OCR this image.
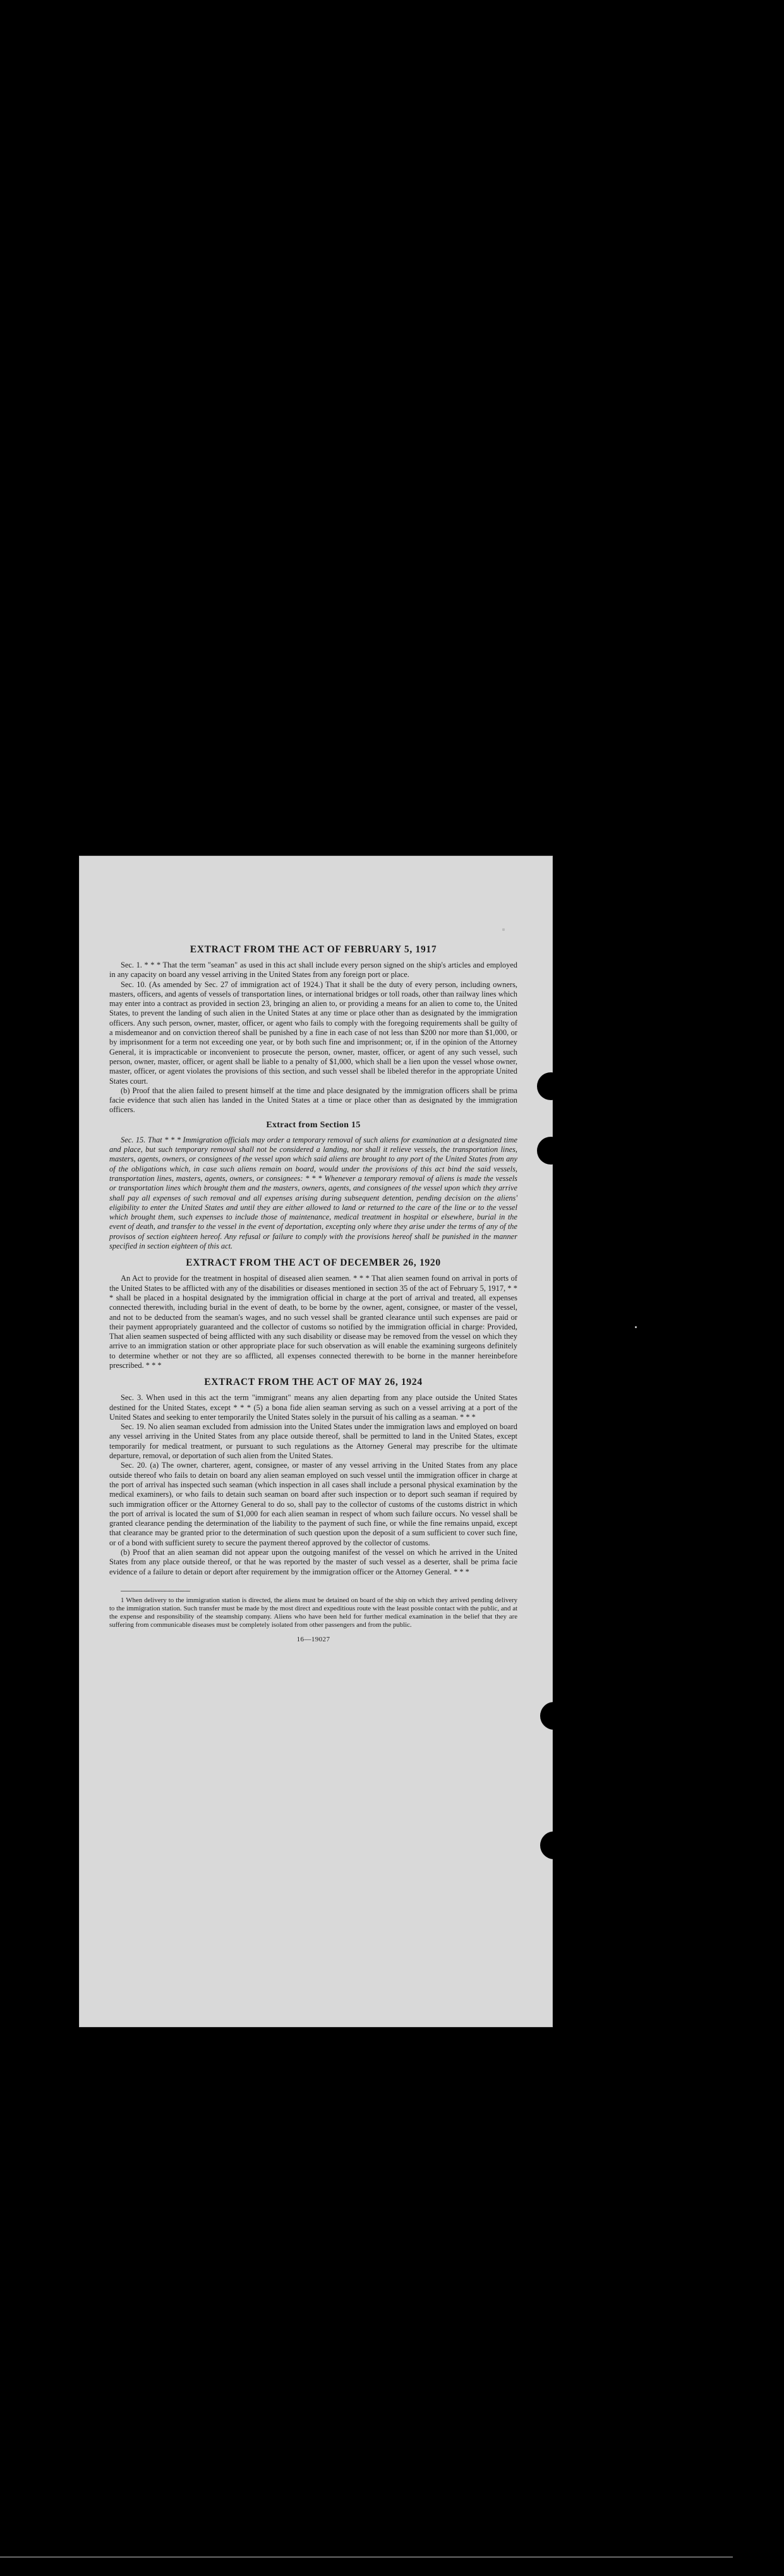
EXTRACT FROM THE ACT OF FEBRUARY 5, 1917

Sec. 1. * * * That the term "seaman" as used in this act shall include every person signed on the ship's articles and employed in any capacity on board any vessel arriving in the United States from any foreign port or place.

Sec. 10. (As amended by Sec. 27 of immigration act of 1924.) That it shall be the duty of every person, including owners, masters, officers, and agents of vessels of transportation lines, or international bridges or toll roads, other than railway lines which may enter into a contract as provided in section 23, bringing an alien to, or providing a means for an alien to come to, the United States, to prevent the landing of such alien in the United States at any time or place other than as designated by the immigration officers. Any such person, owner, master, officer, or agent who fails to comply with the foregoing requirements shall be guilty of a misdemeanor and on conviction thereof shall be punished by a fine in each case of not less than $200 nor more than $1,000, or by imprisonment for a term not exceeding one year, or by both such fine and imprisonment; or, if in the opinion of the Attorney General, it is impracticable or inconvenient to prosecute the person, owner, master, officer, or agent of any such vessel, such person, owner, master, officer, or agent shall be liable to a penalty of $1,000, which shall be a lien upon the vessel whose owner, master, officer, or agent violates the provisions of this section, and such vessel shall be libeled therefor in the appropriate United States court.

(b) Proof that the alien failed to present himself at the time and place designated by the immigration officers shall be prima facie evidence that such alien has landed in the United States at a time or place other than as designated by the immigration officers.

Extract from Section 15

Sec. 15. That * * * Immigration officials may order a temporary removal of such aliens for examination at a designated time and place, but such temporary removal shall not be considered a landing, nor shall it relieve vessels, the transportation lines, masters, agents, owners, or consignees of the vessel upon which said aliens are brought to any port of the United States from any of the obligations which, in case such aliens remain on board, would under the provisions of this act bind the said vessels, transportation lines, masters, agents, owners, or consignees: * * * Whenever a temporary removal of aliens is made the vessels or transportation lines which brought them and the masters, owners, agents, and consignees of the vessel upon which they arrive shall pay all expenses of such removal and all expenses arising during subsequent detention, pending decision on the aliens' eligibility to enter the United States and until they are either allowed to land or returned to the care of the line or to the vessel which brought them, such expenses to include those of maintenance, medical treatment in hospital or elsewhere, burial in the event of death, and transfer to the vessel in the event of deportation, excepting only where they arise under the terms of any of the provisos of section eighteen hereof. Any refusal or failure to comply with the provisions hereof shall be punished in the manner specified in section eighteen of this act.

EXTRACT FROM THE ACT OF DECEMBER 26, 1920

An Act to provide for the treatment in hospital of diseased alien seamen. * * * That alien seamen found on arrival in ports of the United States to be afflicted with any of the disabilities or diseases mentioned in section 35 of the act of February 5, 1917, * * * shall be placed in a hospital designated by the immigration official in charge at the port of arrival and treated, all expenses connected therewith, including burial in the event of death, to be borne by the owner, agent, consignee, or master of the vessel, and not to be deducted from the seaman's wages, and no such vessel shall be granted clearance until such expenses are paid or their payment appropriately guaranteed and the collector of customs so notified by the immigration official in charge: Provided, That alien seamen suspected of being afflicted with any such disability or disease may be removed from the vessel on which they arrive to an immigration station or other appropriate place for such observation as will enable the examining surgeons definitely to determine whether or not they are so afflicted, all expenses connected therewith to be borne in the manner hereinbefore prescribed. * * *

EXTRACT FROM THE ACT OF MAY 26, 1924

Sec. 3. When used in this act the term "immigrant" means any alien departing from any place outside the United States destined for the United States, except * * * (5) a bona fide alien seaman serving as such on a vessel arriving at a port of the United States and seeking to enter temporarily the United States solely in the pursuit of his calling as a seaman. * * *

Sec. 19. No alien seaman excluded from admission into the United States under the immigration laws and employed on board any vessel arriving in the United States from any place outside thereof, shall be permitted to land in the United States, except temporarily for medical treatment, or pursuant to such regulations as the Attorney General may prescribe for the ultimate departure, removal, or deportation of such alien from the United States.

Sec. 20. (a) The owner, charterer, agent, consignee, or master of any vessel arriving in the United States from any place outside thereof who fails to detain on board any alien seaman employed on such vessel until the immigration officer in charge at the port of arrival has inspected such seaman (which inspection in all cases shall include a personal physical examination by the medical examiners), or who fails to detain such seaman on board after such inspection or to deport such seaman if required by such immigration officer or the Attorney General to do so, shall pay to the collector of customs of the customs district in which the port of arrival is located the sum of $1,000 for each alien seaman in respect of whom such failure occurs. No vessel shall be granted clearance pending the determination of the liability to the payment of such fine, or while the fine remains unpaid, except that clearance may be granted prior to the determination of such question upon the deposit of a sum sufficient to cover such fine, or of a bond with sufficient surety to secure the payment thereof approved by the collector of customs.

(b) Proof that an alien seaman did not appear upon the outgoing manifest of the vessel on which he arrived in the United States from any place outside thereof, or that he was reported by the master of such vessel as a deserter, shall be prima facie evidence of a failure to detain or deport after requirement by the immigration officer or the Attorney General. * * *

1 When delivery to the immigration station is directed, the aliens must be detained on board of the ship on which they arrived pending delivery to the immigration station. Such transfer must be made by the most direct and expeditious route with the least possible contact with the public, and at the expense and responsibility of the steamship company. Aliens who have been held for further medical examination in the belief that they are suffering from communicable diseases must be completely isolated from other passengers and from the public.

16—19027
